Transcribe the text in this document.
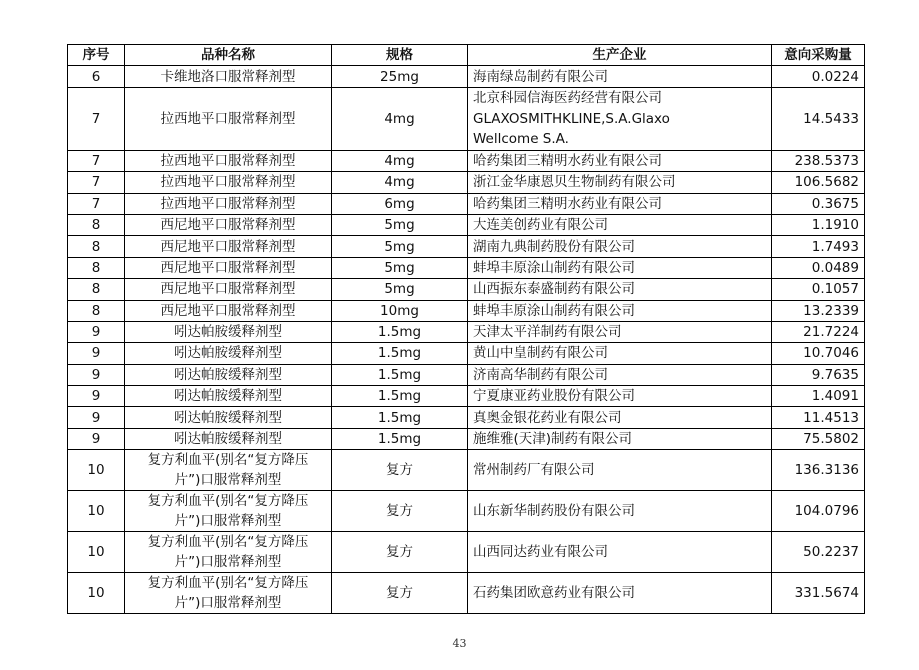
序号	品种名称	规格	生产企业	意向采购量
6	卡维地洛口服常释剂型	25mg	海南绿岛制药有限公司	0.0224
7	拉西地平口服常释剂型	4mg	北京科园信海医药经营有限公司
GLAXOSMITHKLINE,S.A. Glaxo
Wellcome S.A.	14.5433
7	拉西地平口服常释剂型	4mg	哈药集团三精明水药业有限公司	238.5373
7	拉西地平口服常释剂型	4mg	浙江金华康恩贝生物制药有限公司	106.5682
7	拉西地平口服常释剂型	6mg	哈药集团三精明水药业有限公司	0.3675
8	西尼地平口服常释剂型	5mg	大连美创药业有限公司	1.1910
8	西尼地平口服常释剂型	5mg	湖南九典制药股份有限公司	1.7493
8	西尼地平口服常释剂型	5mg	蚌埠丰原涂山制药有限公司	0.0489
8	西尼地平口服常释剂型	5mg	山西振东泰盛制药有限公司	0.1057
8	西尼地平口服常释剂型	10mg	蚌埠丰原涂山制药有限公司	13.2339
9	吲达帕胺缓释剂型	1.5mg	天津太平洋制药有限公司	21.7224
9	吲达帕胺缓释剂型	1.5mg	黄山中皇制药有限公司	10.7046
9	吲达帕胺缓释剂型	1.5mg	济南高华制药有限公司	9.7635
9	吲达帕胺缓释剂型	1.5mg	宁夏康亚药业股份有限公司	1.4091
9	吲达帕胺缓释剂型	1.5mg	真奥金银花药业有限公司	11.4513
9	吲达帕胺缓释剂型	1.5mg	施维雅(天津)制药有限公司	75.5802
10	复方利血平(别名“复方降压
片”)口服常释剂型	复方	常州制药厂有限公司	136.3136
10	复方利血平(别名“复方降压
片”)口服常释剂型	复方	山东新华制药股份有限公司	104.0796
10	复方利血平(别名“复方降压
片”)口服常释剂型	复方	山西同达药业有限公司	50.2237
10	复方利血平(别名“复方降压
片”)口服常释剂型	复方	石药集团欧意药业有限公司	331.5674
43
